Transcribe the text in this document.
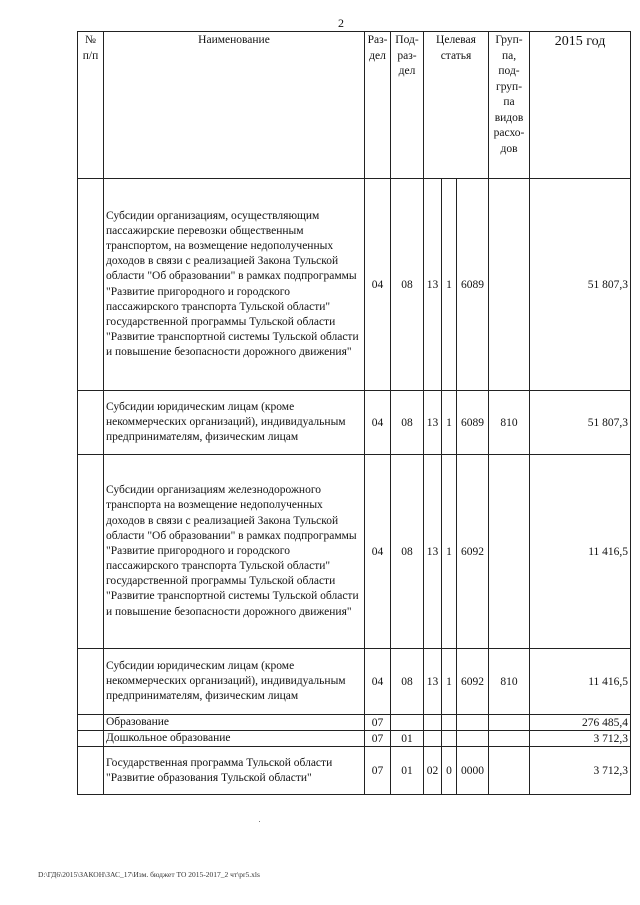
2
№ п/п	Наименование	Раз- дел	Под- раз- дел	Целевая статья			Груп- па, под- груп- па видов расхо- дов	2015 год
	Субсидии организациям, осуществляющим пассажирские перевозки общественным транспортом, на возмещение недополученных доходов в связи с реализацией Закона Тульской области "Об образовании" в рамках подпрограммы "Развитие пригородного и городского пассажирского транспорта Тульской области" государственной программы Тульской области "Развитие транспортной системы Тульской области и повышение безопасности дорожного движения"	04	08	13	1	6089		51 807,3
	Субсидии юридическим лицам (кроме некоммерческих организаций), индивидуальным предпринимателям, физическим лицам	04	08	13	1	6089	810	51 807,3
	Субсидии организациям железнодорожного транспорта на возмещение недополученных доходов в связи с реализацией Закона Тульской области "Об образовании" в рамках подпрограммы "Развитие пригородного и городского пассажирского транспорта Тульской области" государственной программы Тульской области "Развитие транспортной системы Тульской области и повышение безопасности дорожного движения"	04	08	13	1	6092		11 416,5
	Субсидии юридическим лицам (кроме некоммерческих организаций), индивидуальным предпринимателям, физическим лицам	04	08	13	1	6092	810	11 416,5
	Образование	07						276 485,4
	Дошкольное образование	07	01					3 712,3
	Государственная программа Тульской области "Развитие образования Тульской области"	07	01	02	0	0000		3 712,3
D:\ГД6\2015\ЗАКОН\ЗАС_17\Изм. бюджет ТО 2015-2017_2 чт\pr5.xls
